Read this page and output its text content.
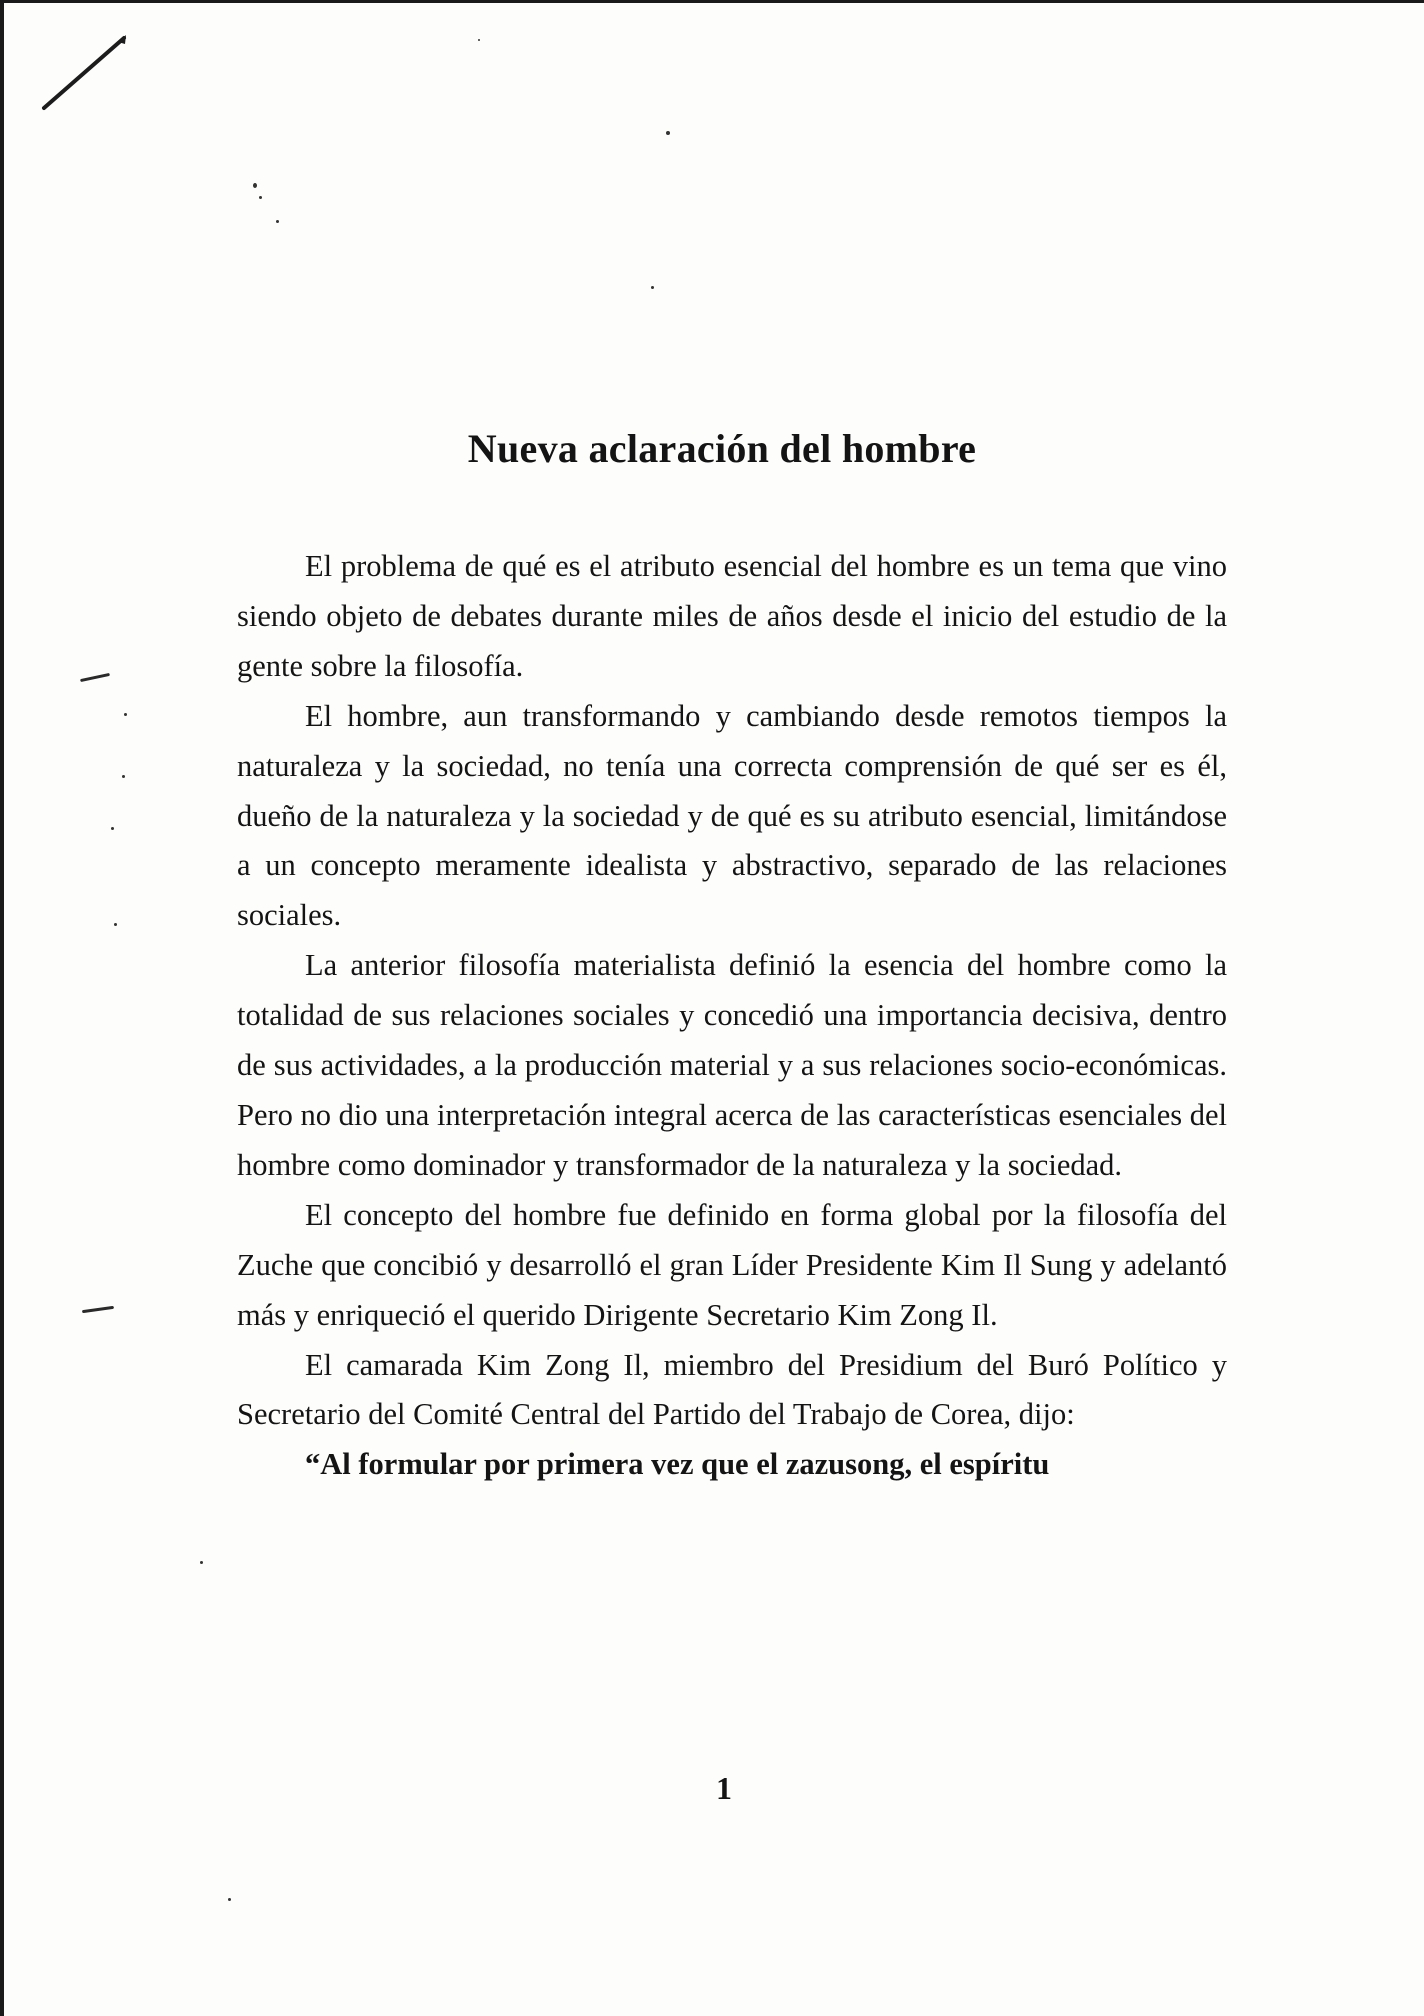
Nueva aclaración del hombre

El problema de qué es el atributo esencial del hombre es un tema que vino siendo objeto de debates durante miles de años desde el inicio del estudio de la gente sobre la filosofía.

El hombre, aun transformando y cambiando desde remotos tiempos la naturaleza y la sociedad, no tenía una correcta comprensión de qué ser es él, dueño de la naturaleza y la sociedad y de qué es su atributo esencial, limitándose a un concepto meramente idealista y abstractivo, separado de las relaciones sociales.

La anterior filosofía materialista definió la esencia del hombre como la totalidad de sus relaciones sociales y concedió una importancia decisiva, dentro de sus actividades, a la producción material y a sus relaciones socio-económicas. Pero no dio una interpretación integral acerca de las características esenciales del hombre como dominador y transformador de la naturaleza y la sociedad.

El concepto del hombre fue definido en forma global por la filosofía del Zuche que concibió y desarrolló el gran Líder Presidente Kim Il Sung y adelantó más y enriqueció el querido Dirigente Secretario Kim Zong Il.

El camarada Kim Zong Il, miembro del Presidium del Buró Político y Secretario del Comité Central del Partido del Trabajo de Corea, dijo:

“Al formular por primera vez que el zazusong, el espíritu

1
